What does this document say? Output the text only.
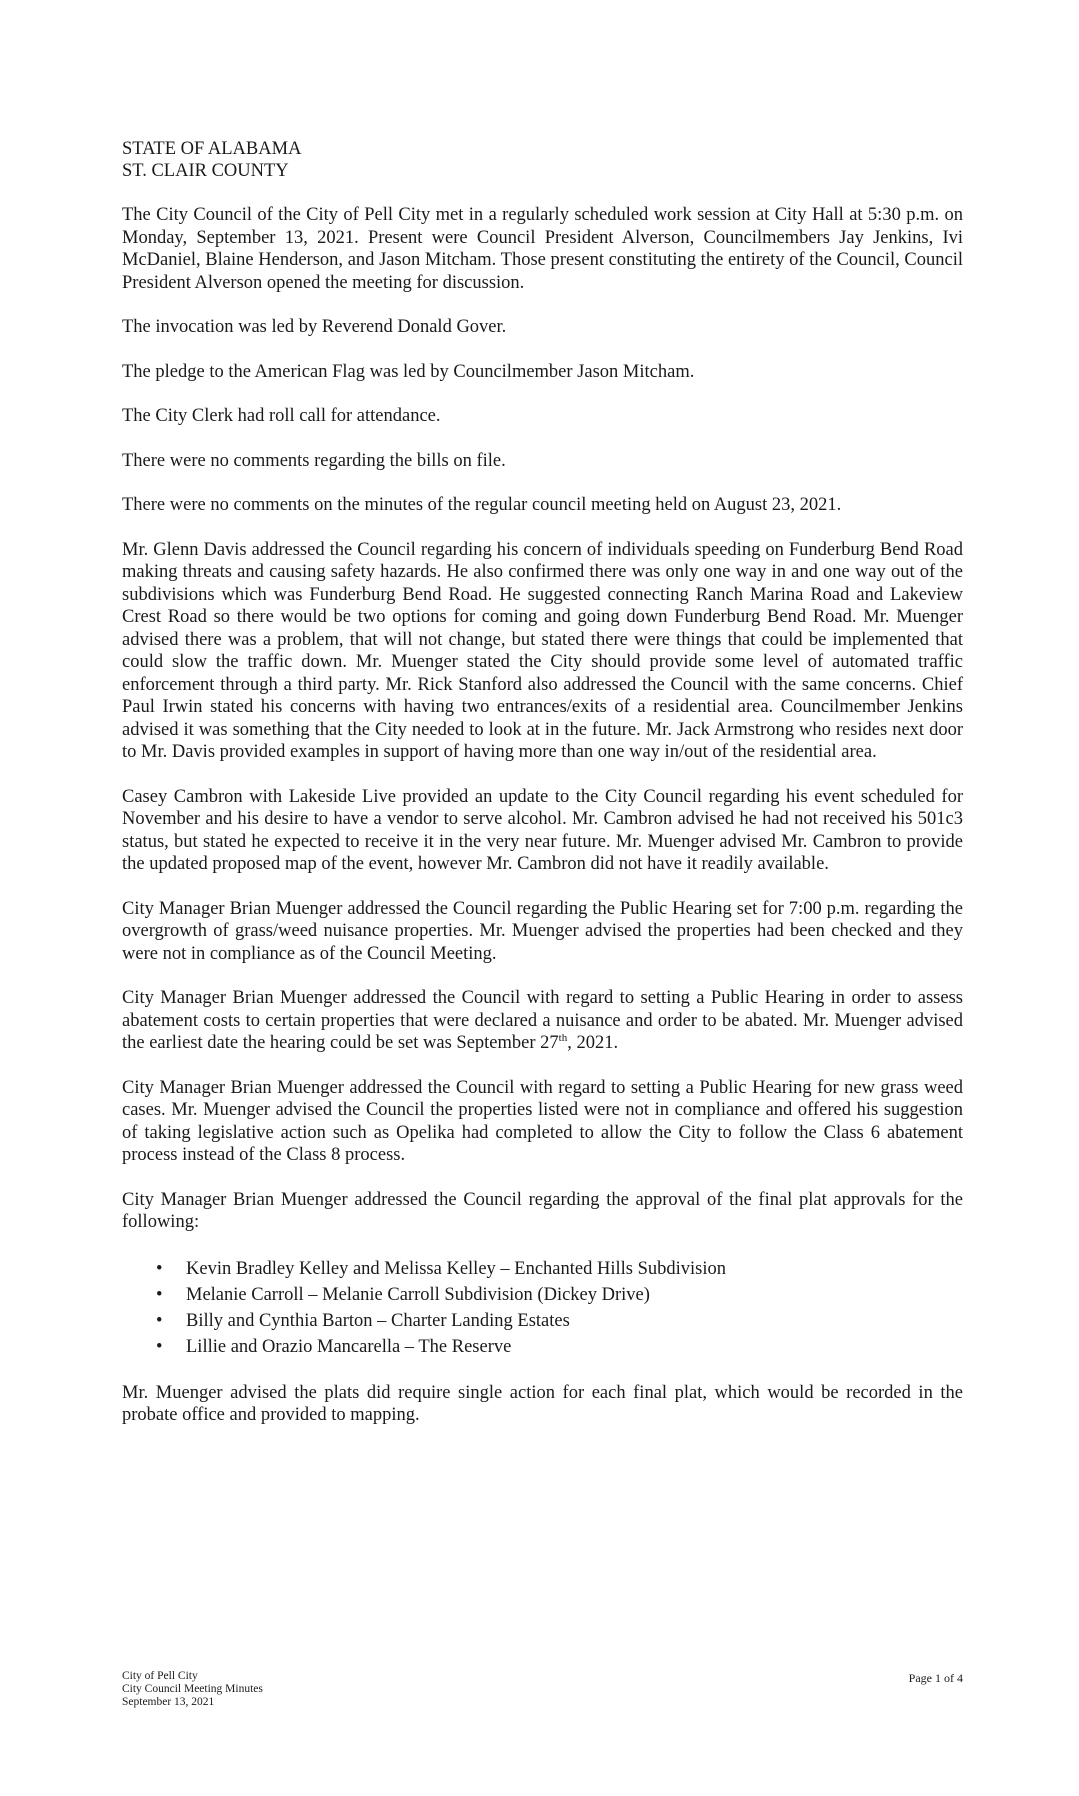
STATE OF ALABAMA

ST. CLAIR COUNTY

The City Council of the City of Pell City met in a regularly scheduled work session at City Hall at 5:30 p.m. on Monday, September 13, 2021. Present were Council President Alverson, Councilmembers Jay Jenkins, Ivi McDaniel, Blaine Henderson, and Jason Mitcham. Those present constituting the entirety of the Council, Council President Alverson opened the meeting for discussion.

The invocation was led by Reverend Donald Gover.

The pledge to the American Flag was led by Councilmember Jason Mitcham.

The City Clerk had roll call for attendance.

There were no comments regarding the bills on file.

There were no comments on the minutes of the regular council meeting held on August 23, 2021.

Mr. Glenn Davis addressed the Council regarding his concern of individuals speeding on Funderburg Bend Road making threats and causing safety hazards. He also confirmed there was only one way in and one way out of the subdivisions which was Funderburg Bend Road. He suggested connecting Ranch Marina Road and Lakeview Crest Road so there would be two options for coming and going down Funderburg Bend Road. Mr. Muenger advised there was a problem, that will not change, but stated there were things that could be implemented that could slow the traffic down. Mr. Muenger stated the City should provide some level of automated traffic enforcement through a third party. Mr. Rick Stanford also addressed the Council with the same concerns. Chief Paul Irwin stated his concerns with having two entrances/exits of a residential area. Councilmember Jenkins advised it was something that the City needed to look at in the future. Mr. Jack Armstrong who resides next door to Mr. Davis provided examples in support of having more than one way in/out of the residential area.

Casey Cambron with Lakeside Live provided an update to the City Council regarding his event scheduled for November and his desire to have a vendor to serve alcohol. Mr. Cambron advised he had not received his 501c3 status, but stated he expected to receive it in the very near future. Mr. Muenger advised Mr. Cambron to provide the updated proposed map of the event, however Mr. Cambron did not have it readily available.

City Manager Brian Muenger addressed the Council regarding the Public Hearing set for 7:00 p.m. regarding the overgrowth of grass/weed nuisance properties. Mr. Muenger advised the properties had been checked and they were not in compliance as of the Council Meeting.

City Manager Brian Muenger addressed the Council with regard to setting a Public Hearing in order to assess abatement costs to certain properties that were declared a nuisance and order to be abated. Mr. Muenger advised the earliest date the hearing could be set was September 27th, 2021.

City Manager Brian Muenger addressed the Council with regard to setting a Public Hearing for new grass weed cases. Mr. Muenger advised the Council the properties listed were not in compliance and offered his suggestion of taking legislative action such as Opelika had completed to allow the City to follow the Class 6 abatement process instead of the Class 8 process.

City Manager Brian Muenger addressed the Council regarding the approval of the final plat approvals for the following:

• Kevin Bradley Kelley and Melissa Kelley – Enchanted Hills Subdivision
• Melanie Carroll – Melanie Carroll Subdivision (Dickey Drive)
• Billy and Cynthia Barton – Charter Landing Estates
• Lillie and Orazio Mancarella – The Reserve

Mr. Muenger advised the plats did require single action for each final plat, which would be recorded in the probate office and provided to mapping.

City of Pell City
City Council Meeting Minutes
September 13, 2021
Page 1 of 4
